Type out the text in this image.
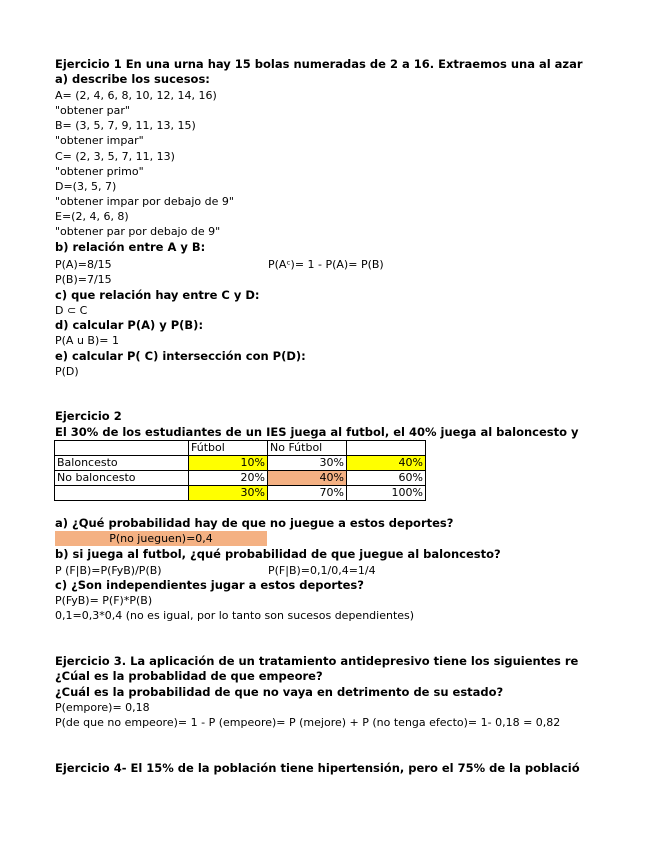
Ejercicio 1 En una urna hay 15 bolas numeradas de 2 a 16. Extraemos una al azar
a) describe los sucesos:
A= (2, 4, 6, 8, 10, 12, 14, 16)
"obtener par"
B= (3, 5, 7, 9, 11, 13, 15)
"obtener impar"
C= (2, 3, 5, 7, 11, 13)
"obtener primo"
D=(3, 5, 7)
"obtener impar por debajo de 9"
E=(2, 4, 6, 8)
"obtener par por debajo de 9"
b) relación entre A y B:
P(A)=8/15	P(Aᶜ)= 1 - P(A)= P(B)
P(B)=7/15
c) que relación hay entre C y D:
D ⊂ C
d) calcular P(A) y P(B):
P(A u B)= 1
e) calcular P( C) intersección con P(D):
P(D)
Ejercicio 2
El 30% de los estudiantes de un IES juega al futbol, el 40% juega al baloncesto y
	Fútbol	No Fútbol	
Baloncesto	10%	30%	40%
No baloncesto	20%	40%	60%
	30%	70%	100%
a) ¿Qué probabilidad hay de que no juegue a estos deportes?
P(no jueguen)=0,4
b) si juega al futbol, ¿qué probabilidad de que juegue al baloncesto?
P (F|B)=P(FyB)/P(B)	P(F|B)=0,1/0,4=1/4
c) ¿Son independientes jugar a estos deportes?
P(FyB)= P(F)*P(B)
0,1=0,3*0,4 (no es igual, por lo tanto son sucesos dependientes)
Ejercicio 3. La aplicación de un tratamiento antidepresivo tiene los siguientes re
¿Cúal es la probablidad de que empeore?
¿Cuál es la probabilidad de que no vaya en detrimento de su estado?
P(empore)= 0,18
P(de que no empeore)= 1 - P (empeore)= P (mejore) + P (no tenga efecto)= 1- 0,18 = 0,82
Ejercicio 4- El 15% de la población tiene hipertensión, pero el 75% de la població
